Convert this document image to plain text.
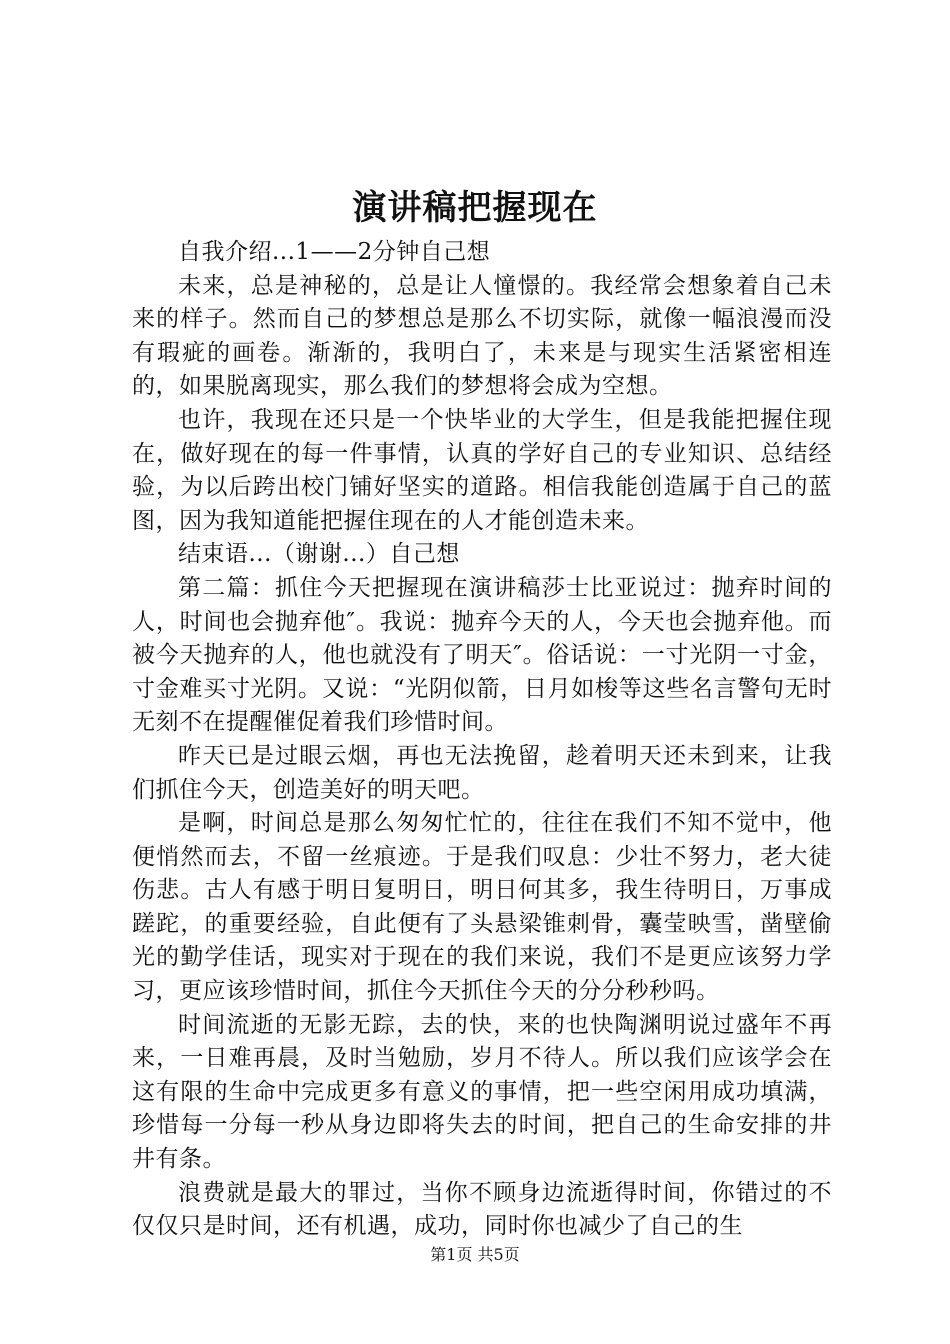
演讲稿把握现在

自我介绍...1——2分钟自己想

未来，总是神秘的，总是让人憧憬的。我经常会想象着自己未来的样子。然而自己的梦想总是那么不切实际，就像一幅浪漫而没有瑕疵的画卷。渐渐的，我明白了，未来是与现实生活紧密相连的，如果脱离现实，那么我们的梦想将会成为空想。

也许，我现在还只是一个快毕业的大学生，但是我能把握住现在，做好现在的每一件事情，认真的学好自己的专业知识、总结经验，为以后跨出校门铺好坚实的道路。相信我能创造属于自己的蓝图，因为我知道能把握住现在的人才能创造未来。

结束语...（谢谢...）自己想

第二篇：抓住今天把握现在演讲稿莎士比亚说过：抛弃时间的人，时间也会抛弃他″。我说：抛弃今天的人，今天也会抛弃他。而被今天抛弃的人，他也就没有了明天″。俗话说：一寸光阴一寸金，寸金难买寸光阴。又说：“光阴似箭，日月如梭等这些名言警句无时无刻不在提醒催促着我们珍惜时间。

昨天已是过眼云烟，再也无法挽留，趁着明天还未到来，让我们抓住今天，创造美好的明天吧。

是啊，时间总是那么匆匆忙忙的，往往在我们不知不觉中，他便悄然而去，不留一丝痕迹。于是我们叹息：少壮不努力，老大徒伤悲。古人有感于明日复明日，明日何其多，我生待明日，万事成蹉跎，的重要经验，自此便有了头悬梁锥刺骨，囊莹映雪，凿壁偷光的勤学佳话，现实对于现在的我们来说，我们不是更应该努力学习，更应该珍惜时间，抓住今天抓住今天的分分秒秒吗。

时间流逝的无影无踪，去的快，来的也快陶渊明说过盛年不再来，一日难再晨，及时当勉励，岁月不待人。所以我们应该学会在这有限的生命中完成更多有意义的事情，把一些空闲用成功填满，珍惜每一分每一秒从身边即将失去的时间，把自己的生命安排的井井有条。

浪费就是最大的罪过，当你不顾身边流逝得时间，你错过的不仅仅只是时间，还有机遇，成功，同时你也减少了自己的生

第1页 共5页
